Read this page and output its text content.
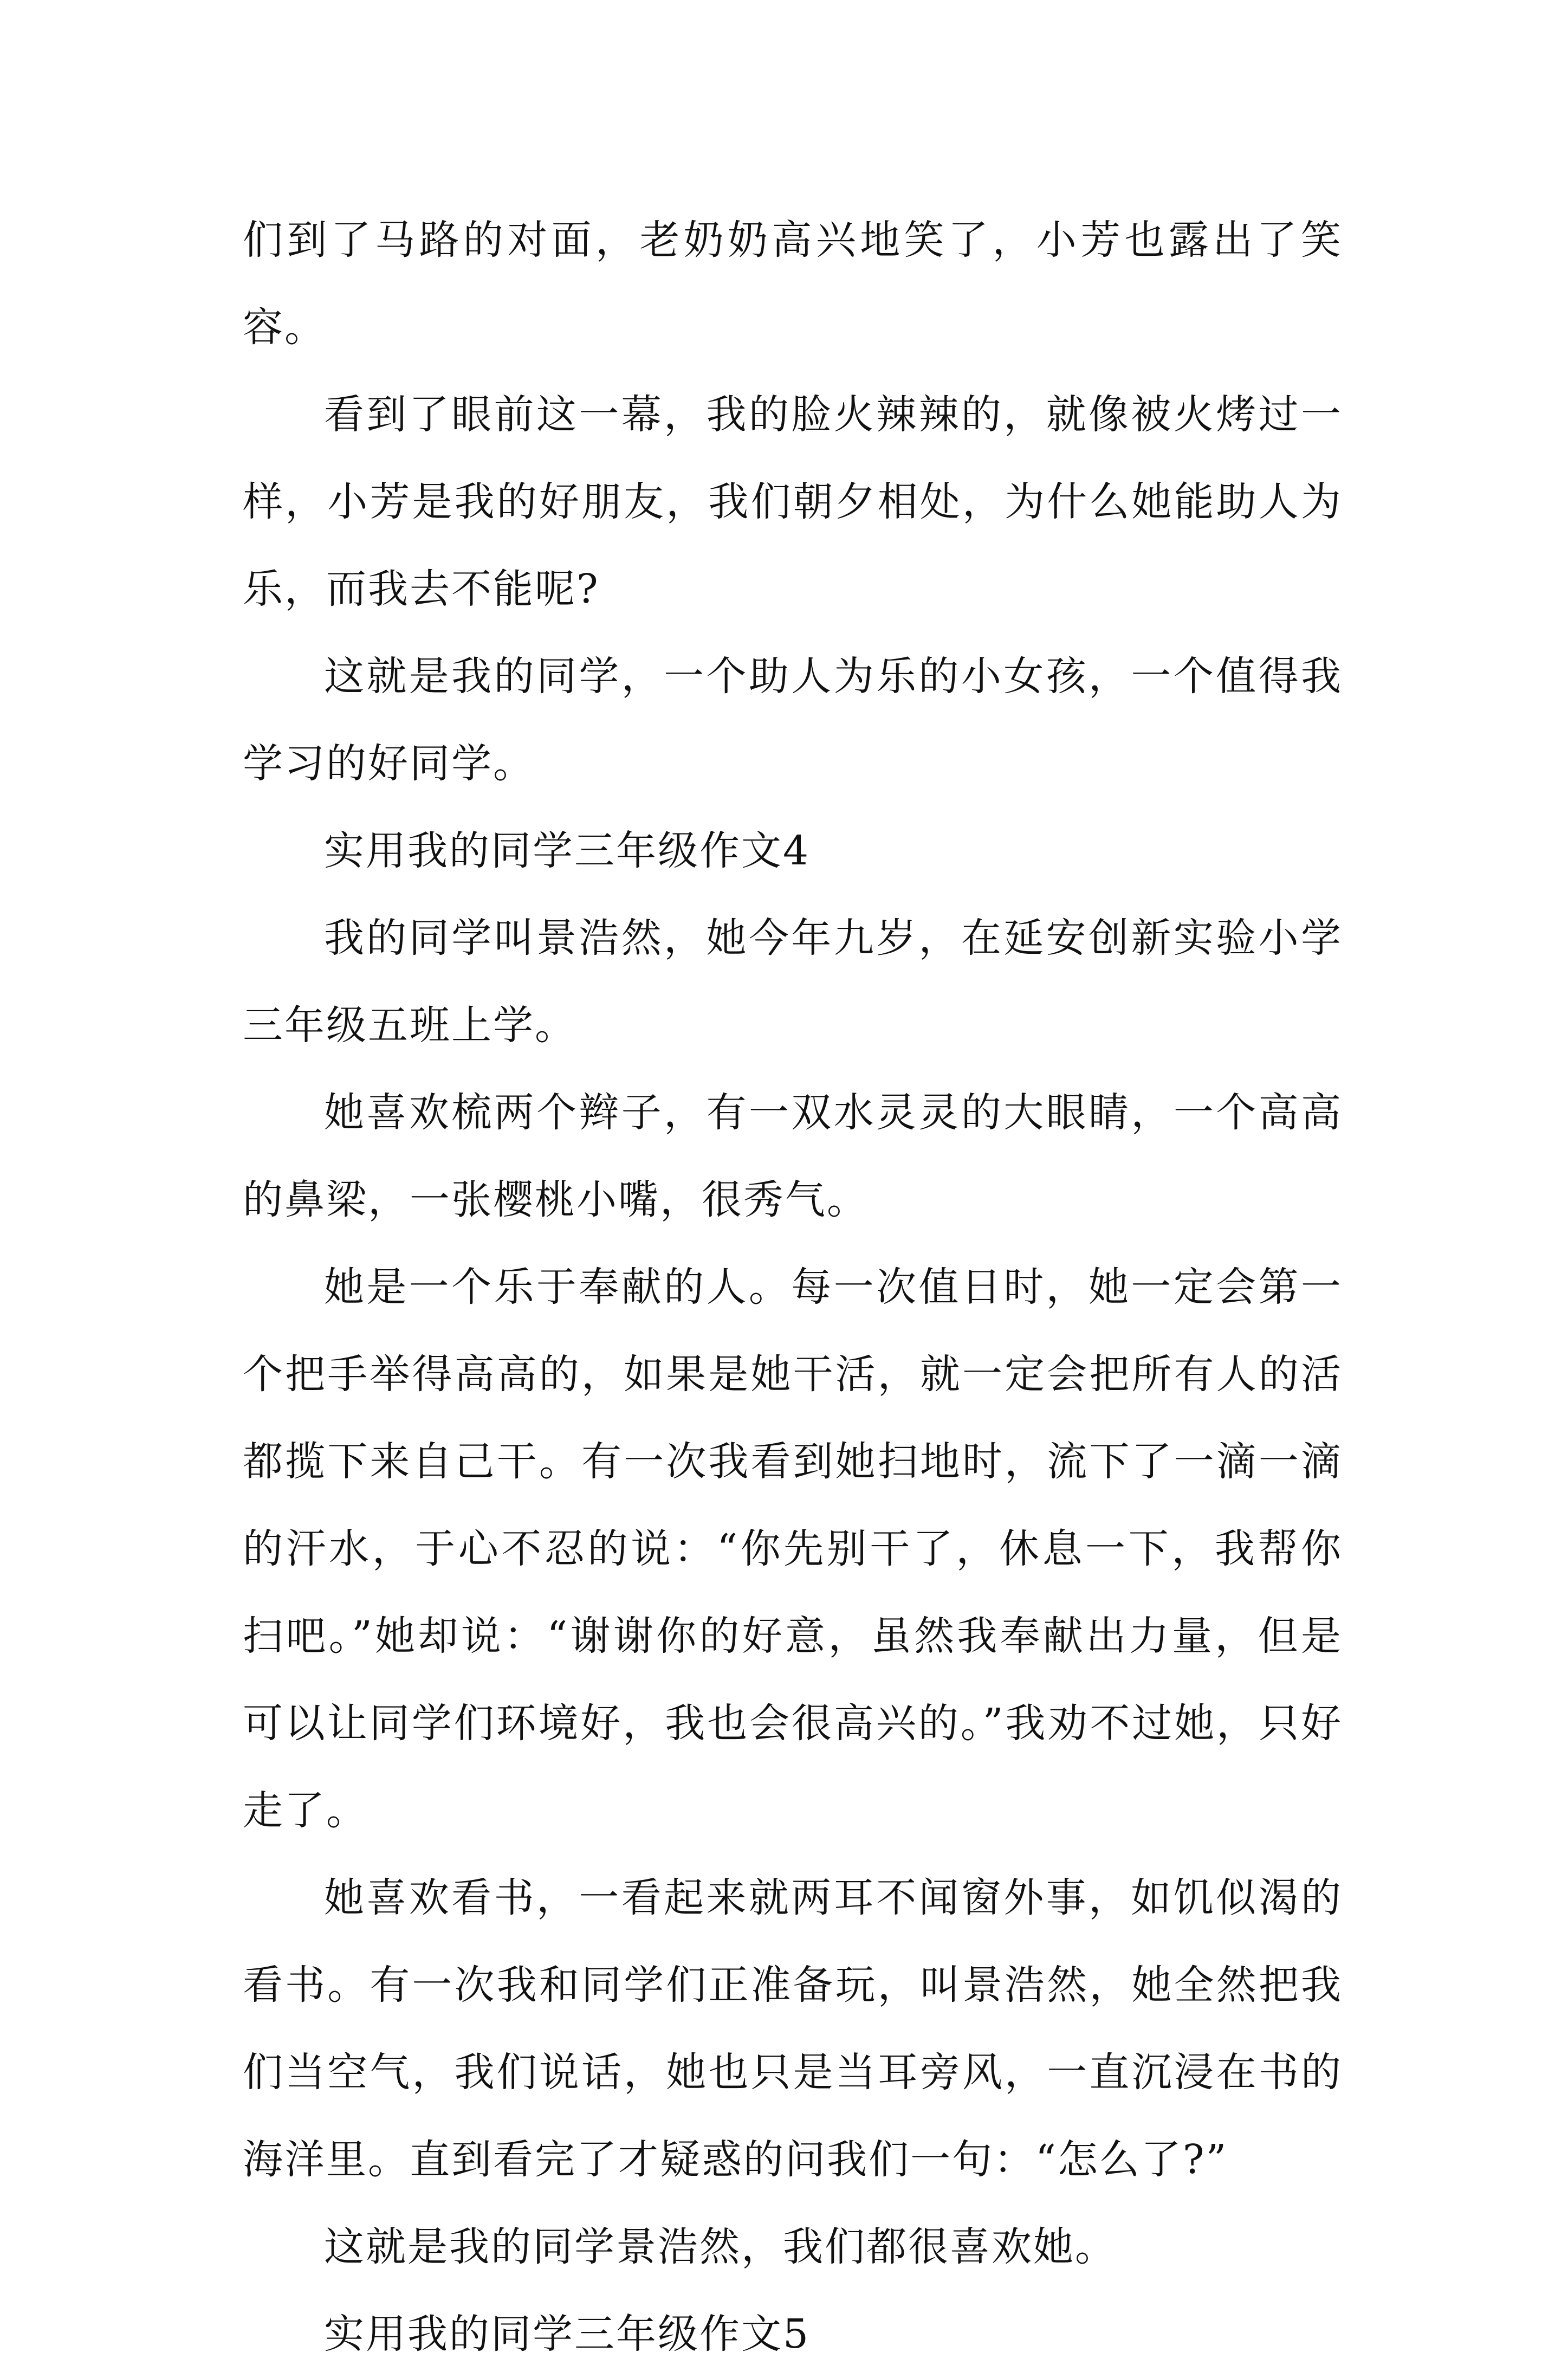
们到了马路的对面，老奶奶高兴地笑了，小芳也露出了笑容。

看到了眼前这一幕，我的脸火辣辣的，就像被火烤过一样，小芳是我的好朋友，我们朝夕相处，为什么她能助人为乐，而我去不能呢?

这就是我的同学，一个助人为乐的小女孩，一个值得我学习的好同学。

实用我的同学三年级作文4

我的同学叫景浩然，她今年九岁，在延安创新实验小学三年级五班上学。

她喜欢梳两个辫子，有一双水灵灵的大眼睛，一个高高的鼻梁，一张樱桃小嘴，很秀气。

她是一个乐于奉献的人。每一次值日时，她一定会第一个把手举得高高的，如果是她干活，就一定会把所有人的活都揽下来自己干。有一次我看到她扫地时，流下了一滴一滴的汗水，于心不忍的说：“你先别干了，休息一下，我帮你扫吧。”她却说：“谢谢你的好意，虽然我奉献出力量，但是可以让同学们环境好，我也会很高兴的。”我劝不过她，只好走了。

她喜欢看书，一看起来就两耳不闻窗外事，如饥似渴的看书。有一次我和同学们正准备玩，叫景浩然，她全然把我们当空气，我们说话，她也只是当耳旁风，一直沉浸在书的海洋里。直到看完了才疑惑的问我们一句：“怎么了?”

这就是我的同学景浩然，我们都很喜欢她。

实用我的同学三年级作文5
